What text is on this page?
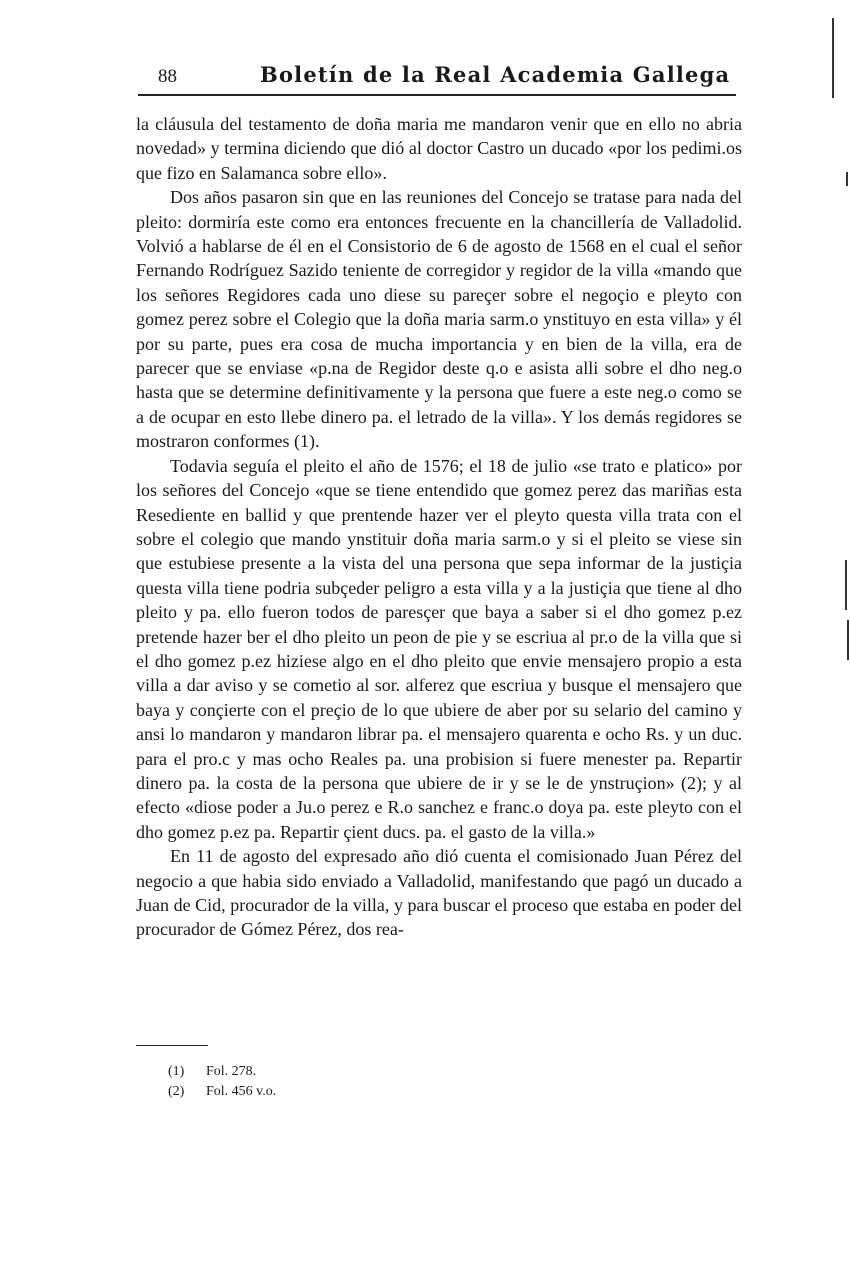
88	Boletín de la Real Academia Gallega

la cláusula del testamento de doña maria me mandaron venir que en ello no abria novedad» y termina diciendo que dió al doctor Castro un ducado «por los pedimi.os que fizo en Salamanca sobre ello».

Dos años pasaron sin que en las reuniones del Concejo se tratase para nada del pleito: dormiría este como era entonces frecuente en la chancillería de Valladolid. Volvió a hablarse de él en el Consistorio de 6 de agosto de 1568 en el cual el señor Fernando Rodríguez Sazido teniente de corregidor y regidor de la villa «mando que los señores Regidores cada uno diese su pareçer sobre el negoçio e pleyto con gomez perez sobre el Colegio que la doña maria sarm.o ynstituyo en esta villa» y él por su parte, pues era cosa de mucha importancia y en bien de la villa, era de parecer que se enviase «p.na de Regidor deste q.o e asista alli sobre el dho neg.o hasta que se determine definitivamente y la persona que fuere a este neg.o como se a de ocupar en esto llebe dinero pa. el letrado de la villa». Y los demás regidores se mostraron conformes (1).

Todavia seguía el pleito el año de 1576; el 18 de julio «se trato e platico» por los señores del Concejo «que se tiene entendido que gomez perez das mariñas esta Resediente en ballid y que prentende hazer ver el pleyto questa villa trata con el sobre el colegio que mando ynstituir doña maria sarm.o y si el pleito se viese sin que estubiese presente a la vista del una persona que sepa informar de la justiçia questa villa tiene podria subçeder peligro a esta villa y a la justiçia que tiene al dho pleito y pa. ello fueron todos de paresçer que baya a saber si el dho gomez p.ez pretende hazer ber el dho pleito un peon de pie y se escriua al pr.o de la villa que si el dho gomez p.ez hiziese algo en el dho pleito que envie mensajero propio a esta villa a dar aviso y se cometio al sor. alferez que escriua y busque el mensajero que baya y conçierte con el preçio de lo que ubiere de aber por su selario del camino y ansi lo mandaron y mandaron librar pa. el mensajero quarenta e ocho Rs. y un duc. para el pro.c y mas ocho Reales pa. una probision si fuere menester pa. Repartir dinero pa. la costa de la persona que ubiere de ir y se le de ynstruçion» (2); y al efecto «diose poder a Ju.o perez e R.o sanchez e franc.o doya pa. este pleyto con el dho gomez p.ez pa. Repartir çient ducs. pa. el gasto de la villa.»

En 11 de agosto del expresado año dió cuenta el comisionado Juan Pérez del negocio a que habia sido enviado a Valladolid, manifestando que pagó un ducado a Juan de Cid, procurador de la villa, y para buscar el proceso que estaba en poder del procurador de Gómez Pérez, dos rea-

(1) Fol. 278.
(2) Fol. 456 v.o.
